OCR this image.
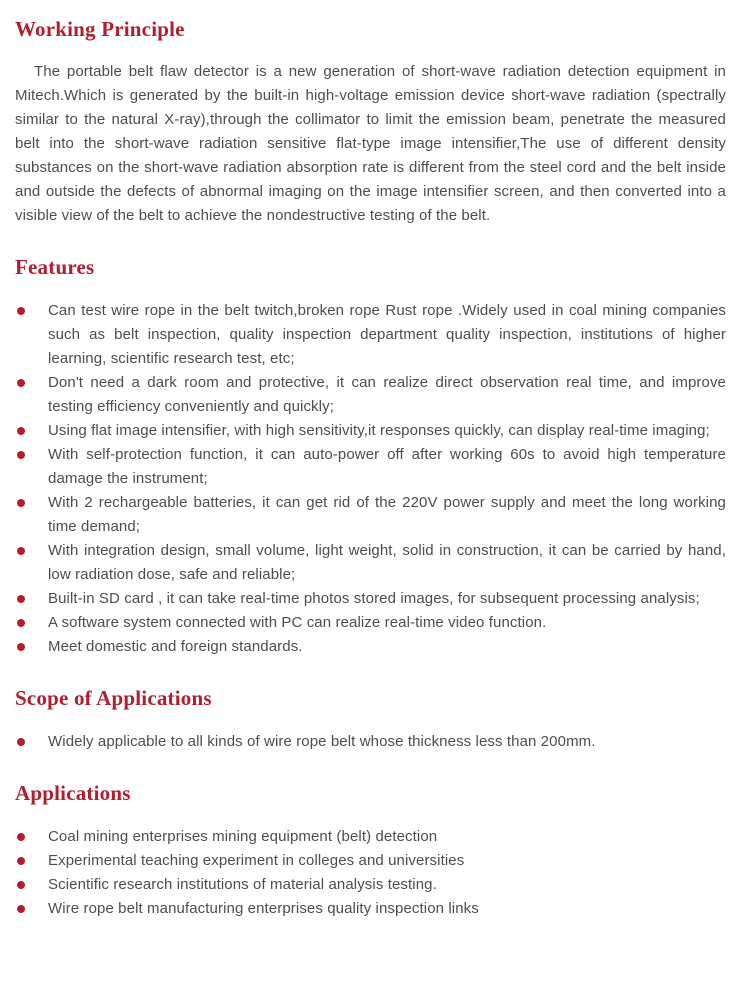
Working Principle

The portable belt flaw detector is a new generation of short-wave radiation detection equipment in Mitech.Which is generated by the built-in high-voltage emission device short-wave radiation (spectrally similar to the natural X-ray),through the collimator to limit the emission beam, penetrate the measured belt into the short-wave radiation sensitive flat-type image intensifier,The use of different density substances on the short-wave radiation absorption rate is different from the steel cord and the belt inside and outside the defects of abnormal imaging on the image intensifier screen, and then converted into a visible view of the belt to achieve the nondestructive testing of the belt.

Features
Can test wire rope in the belt twitch,broken rope Rust rope .Widely used in coal mining companies such as belt inspection, quality inspection department quality inspection, institutions of higher learning, scientific research test, etc;
Don't need a dark room and protective, it can realize direct observation real time, and improve testing efficiency conveniently and quickly;
Using flat image intensifier, with high sensitivity,it responses quickly, can display real-time imaging;
With self-protection function, it can auto-power off after working 60s to avoid high temperature damage the instrument;
With 2 rechargeable batteries, it can get rid of the 220V power supply and meet the long working time demand;
With integration design, small volume, light weight, solid in construction, it can be carried by hand, low radiation dose, safe and reliable;
Built-in SD card , it can take real-time photos stored images, for subsequent processing analysis;
A software system connected with PC can realize real-time video function.
Meet domestic and foreign standards.
Scope of Applications
Widely applicable to all kinds of wire rope belt whose thickness less than 200mm.
Applications
Coal mining enterprises mining equipment (belt) detection
Experimental teaching experiment in colleges and universities
Scientific research institutions of material analysis testing.
Wire rope belt manufacturing enterprises quality inspection links
